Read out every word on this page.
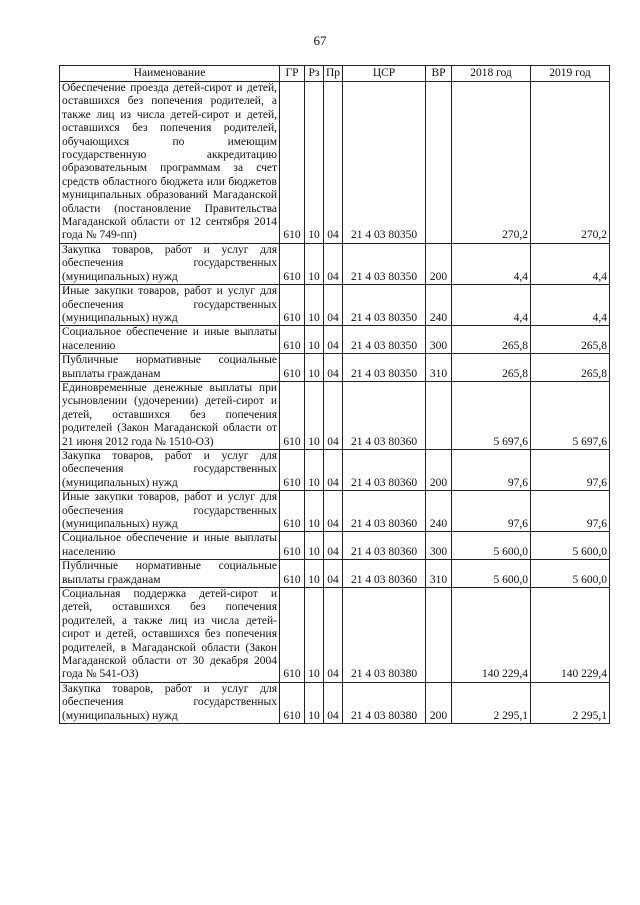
67
Наименование	ГР	Рз	Пр	ЦСР	ВР	2018 год	2019 год
Обеспечение проезда детей-сирот и детей, оставшихся без попечения родителей, а также лиц из числа детей-сирот и детей, оставшихся без попечения родителей, обучающихся по имеющим государственную аккредитацию образовательным программам за счет средств областного бюджета или бюджетов муниципальных образований Магаданской области (постановление Правительства Магаданской области от 12 сентября 2014 года № 749-пп)	610	10	04	21 4 03 80350		270,2	270,2
Закупка товаров, работ и услуг для обеспечения государственных (муниципальных) нужд	610	10	04	21 4 03 80350	200	4,4	4,4
Иные закупки товаров, работ и услуг для обеспечения государственных (муниципальных) нужд	610	10	04	21 4 03 80350	240	4,4	4,4
Социальное обеспечение и иные выплаты населению	610	10	04	21 4 03 80350	300	265,8	265,8
Публичные нормативные социальные выплаты гражданам	610	10	04	21 4 03 80350	310	265,8	265,8
Единовременные денежные выплаты при усыновлении (удочерении) детей-сирот и детей, оставшихся без попечения родителей (Закон Магаданской области от 21 июня 2012 года № 1510-ОЗ)	610	10	04	21 4 03 80360		5 697,6	5 697,6
Закупка товаров, работ и услуг для обеспечения государственных (муниципальных) нужд	610	10	04	21 4 03 80360	200	97,6	97,6
Иные закупки товаров, работ и услуг для обеспечения государственных (муниципальных) нужд	610	10	04	21 4 03 80360	240	97,6	97,6
Социальное обеспечение и иные выплаты населению	610	10	04	21 4 03 80360	300	5 600,0	5 600,0
Публичные нормативные социальные выплаты гражданам	610	10	04	21 4 03 80360	310	5 600,0	5 600,0
Социальная поддержка детей-сирот и детей, оставшихся без попечения родителей, а также лиц из числа детей-сирот и детей, оставшихся без попечения родителей, в Магаданской области (Закон Магаданской области от 30 декабря 2004 года № 541-ОЗ)	610	10	04	21 4 03 80380		140 229,4	140 229,4
Закупка товаров, работ и услуг для обеспечения государственных (муниципальных) нужд	610	10	04	21 4 03 80380	200	2 295,1	2 295,1
